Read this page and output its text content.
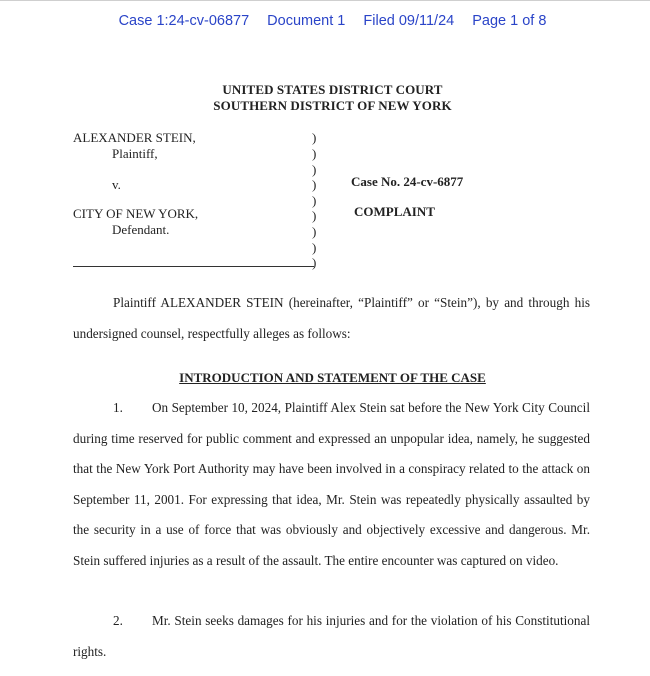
Case 1:24-cv-06877 Document 1 Filed 09/11/24 Page 1 of 8
UNITED STATES DISTRICT COURT
SOUTHERN DISTRICT OF NEW YORK
ALEXANDER STEIN,
Plaintiff,
v.
CITY OF NEW YORK,
Defendant.
)
)
)
)
)
)
)
)
)
Case No. 24-cv-6877
COMPLAINT
Plaintiff ALEXANDER STEIN (hereinafter, “Plaintiff” or “Stein”), by and through his undersigned counsel, respectfully alleges as follows:
INTRODUCTION AND STATEMENT OF THE CASE
1. On September 10, 2024, Plaintiff Alex Stein sat before the New York City Council during time reserved for public comment and expressed an unpopular idea, namely, he suggested that the New York Port Authority may have been involved in a conspiracy related to the attack on September 11, 2001. For expressing that idea, Mr. Stein was repeatedly physically assaulted by the security in a use of force that was obviously and objectively excessive and dangerous. Mr. Stein suffered injuries as a result of the assault. The entire encounter was captured on video.
2. Mr. Stein seeks damages for his injuries and for the violation of his Constitutional rights.
